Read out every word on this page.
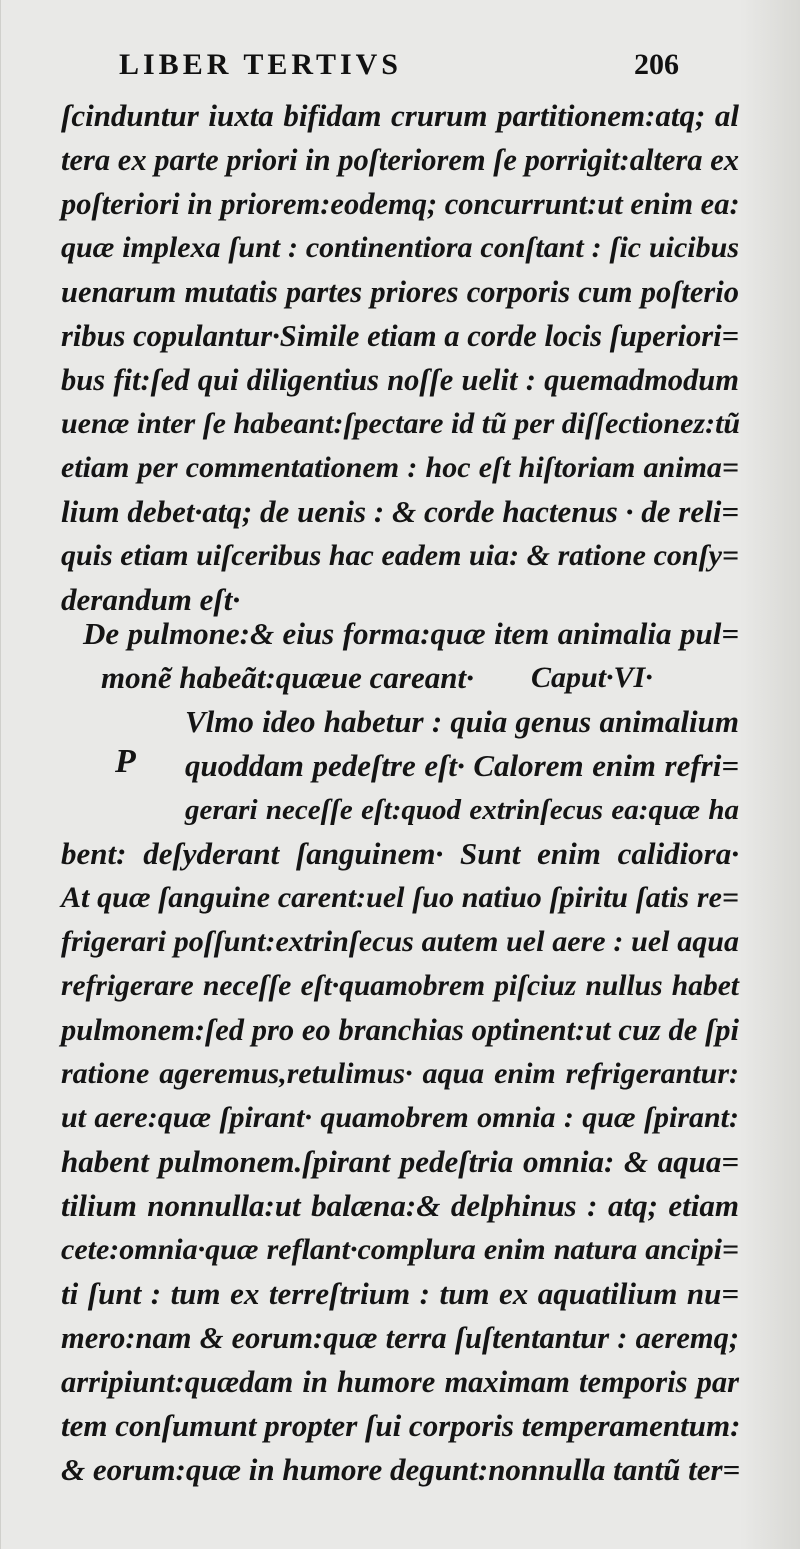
LIBER TERTIVS	206
ſcinduntur iuxta bifidam crurum partitionem:atq; al
tera ex parte priori in poſteriorem ſe porrigit:altera ex
poſteriori in priorem:eodemq; concurrunt:ut enim ea:
quæ implexa ſunt : continentiora conſtant : ſic uicibus
uenarum mutatis partes priores corporis cum poſterio
ribus copulantur·Simile etiam a corde locis ſuperiori=
bus fit:ſed qui diligentius noſſe uelit : quemadmodum
uenæ inter ſe habeant:ſpectare id tũ per diſſectionez:tũ
etiam per commentationem : hoc eſt hiſtoriam anima=
lium debet·atq; de uenis : & corde hactenus · de reli=
quis etiam uiſceribus hac eadem uia: & ratione conſy=
derandum eſt·
De pulmone:& eius forma:quæ item animalia pul=
monẽ habeãt:quæue careant· Caput·VI·
P
Vlmo ideo habetur : quia genus animalium
quoddam pedeſtre eſt· Calorem enim refri=
gerari neceſſe eſt:quod extrinſecus ea:quæ ha
bent: deſyderant ſanguinem· Sunt enim calidiora·
At quæ ſanguine carent:uel ſuo natiuo ſpiritu ſatis re=
frigerari poſſunt:extrinſecus autem uel aere : uel aqua
refrigerare neceſſe eſt·quamobrem piſciuz nullus habet
pulmonem:ſed pro eo branchias optinent:ut cuz de ſpi
ratione ageremus,retulimus· aqua enim refrigerantur:
ut aere:quæ ſpirant· quamobrem omnia : quæ ſpirant:
habent pulmonem.ſpirant pedeſtria omnia: & aqua=
tilium nonnulla:ut balæna:& delphinus : atq; etiam
cete:omnia·quæ reflant·complura enim natura ancipi=
ti ſunt : tum ex terreſtrium : tum ex aquatilium nu=
mero:nam & eorum:quæ terra ſuſtentantur : aeremq;
arripiunt:quædam in humore maximam temporis par
tem conſumunt propter ſui corporis temperamentum:
& eorum:quæ in humore degunt:nonnulla tantũ ter=
